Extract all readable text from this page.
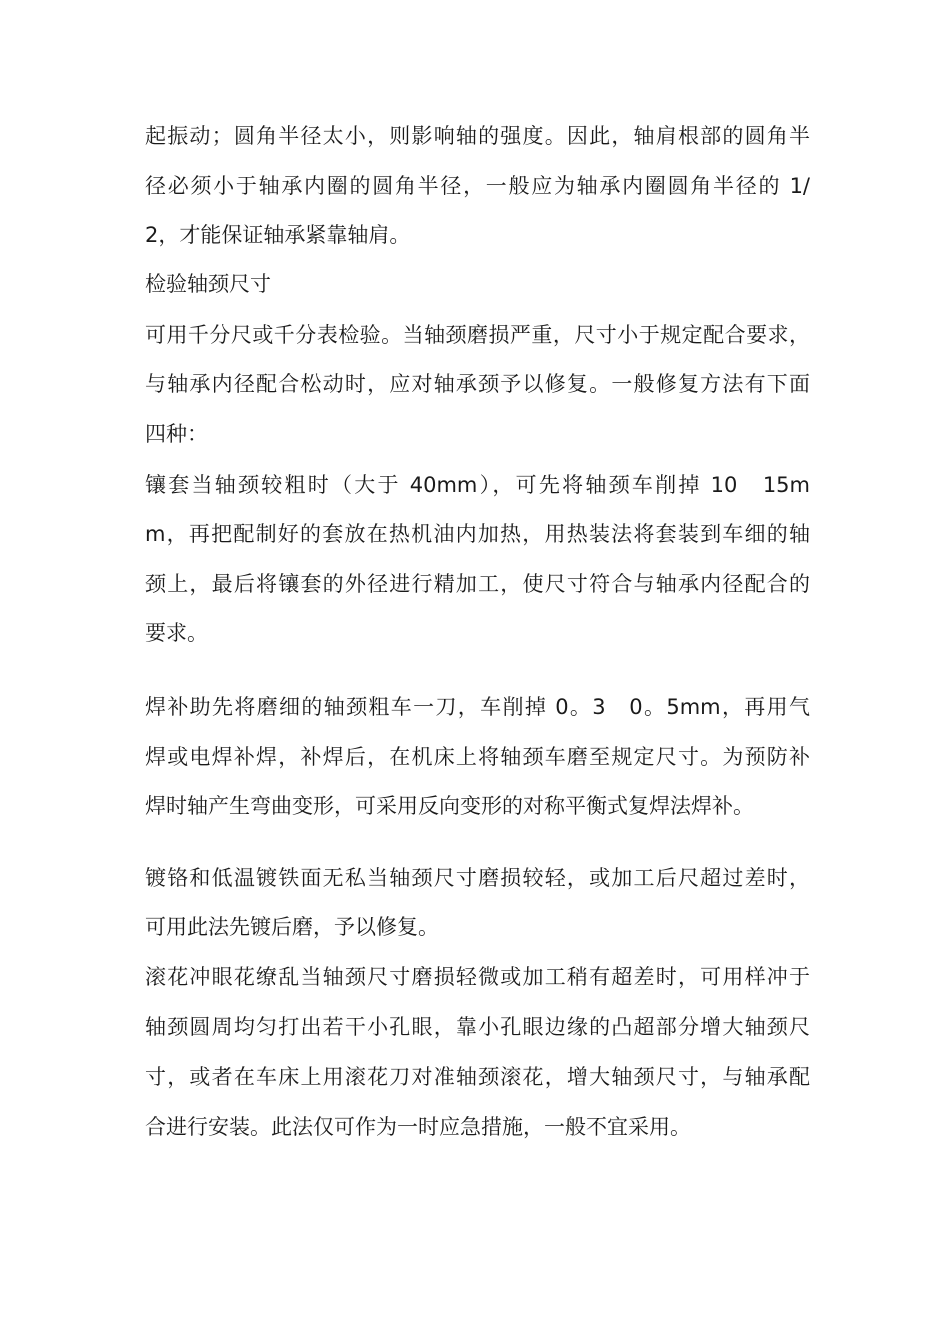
起振动；圆角半径太小，则影响轴的强度。因此，轴肩根部的圆角半
径必须小于轴承内圈的圆角半径，一般应为轴承内圈圆角半径的 1/
2，才能保证轴承紧靠轴肩。
检验轴颈尺寸
可用千分尺或千分表检验。当轴颈磨损严重，尺寸小于规定配合要求，
与轴承内径配合松动时，应对轴承颈予以修复。一般修复方法有下面
四种：
镶套当轴颈较粗时（大于 40mm），可先将轴颈车削掉 10　15m
m，再把配制好的套放在热机油内加热，用热装法将套装到车细的轴
颈上，最后将镶套的外径进行精加工，使尺寸符合与轴承内径配合的
要求。
焊补助先将磨细的轴颈粗车一刀，车削掉 0。3　0。5mm，再用气
焊或电焊补焊，补焊后，在机床上将轴颈车磨至规定尺寸。为预防补
焊时轴产生弯曲变形，可采用反向变形的对称平衡式复焊法焊补。
镀铬和低温镀铁面无私当轴颈尺寸磨损较轻，或加工后尺超过差时，
可用此法先镀后磨，予以修复。
滚花冲眼花缭乱当轴颈尺寸磨损轻微或加工稍有超差时，可用样冲于
轴颈圆周均匀打出若干小孔眼，靠小孔眼边缘的凸超部分增大轴颈尺
寸，或者在车床上用滚花刀对准轴颈滚花，增大轴颈尺寸，与轴承配
合进行安装。此法仅可作为一时应急措施，一般不宜采用。
